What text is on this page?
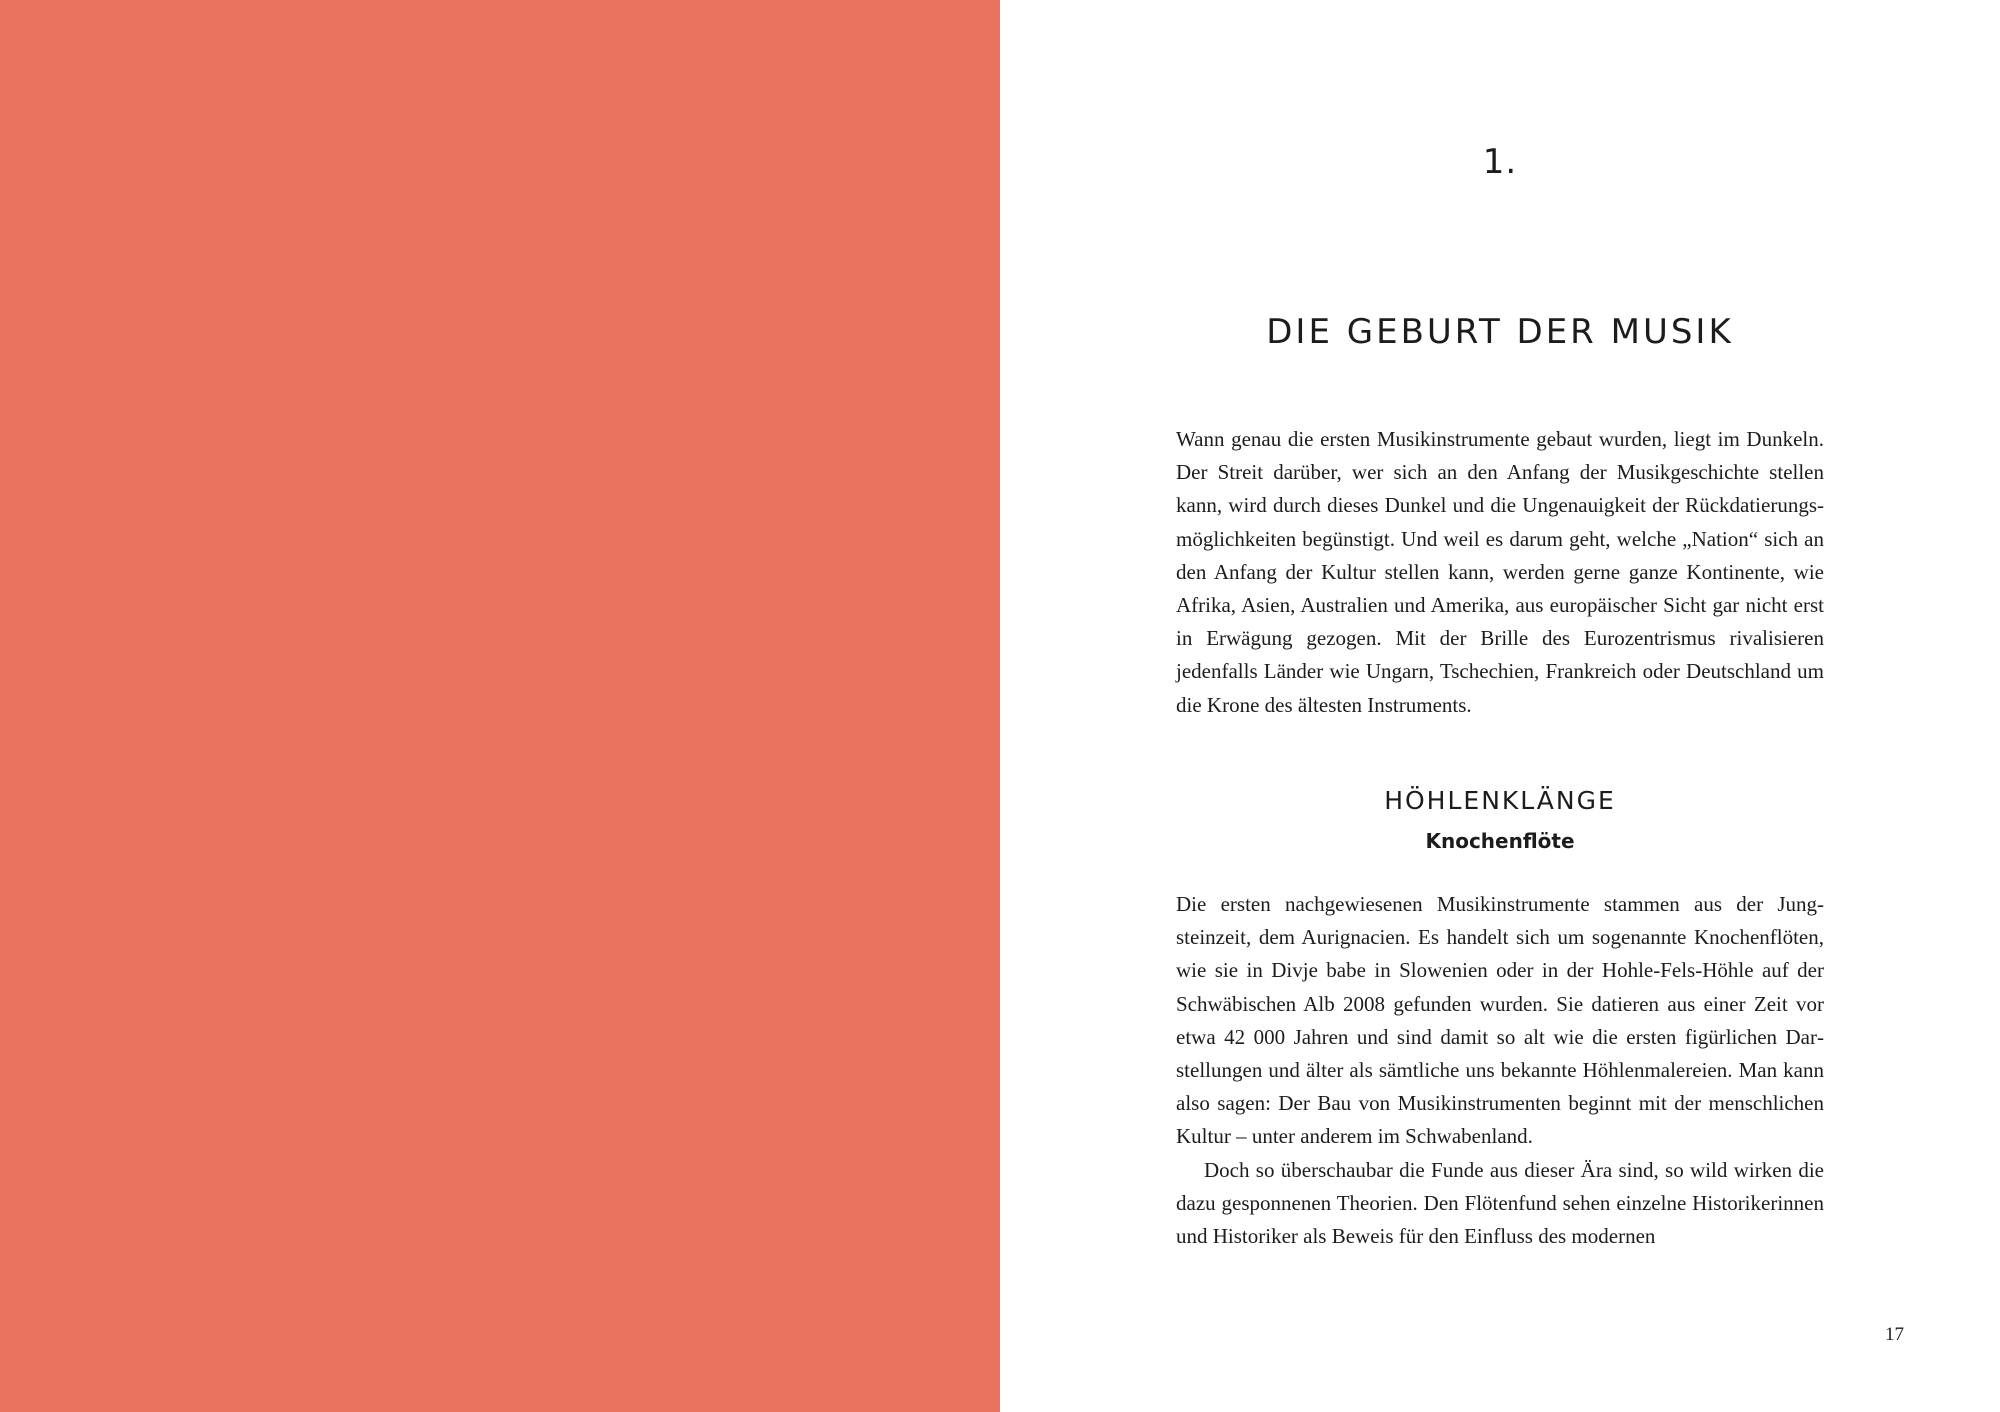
1.
DIE GEBURT DER MUSIK

Wann genau die ersten Musikinstrumente gebaut wurden, liegt im Dunkeln. Der Streit darüber, wer sich an den Anfang der Musikgeschichte stellen kann, wird durch dieses Dunkel und die Ungenauigkeit der Rückdatierungsmöglichkeiten begünstigt. Und weil es darum geht, welche „Nation“ sich an den Anfang der Kultur stellen kann, werden gerne ganze Kontinente, wie Afrika, Asien, Australien und Amerika, aus europäischer Sicht gar nicht erst in Erwägung gezogen. Mit der Brille des Eurozentrismus rivalisieren jedenfalls Länder wie Ungarn, Tschechien, Frankreich oder Deutschland um die Krone des ältesten Instruments.

HÖHLENKLÄNGE
Knochenflöte

Die ersten nachgewiesenen Musikinstrumente stammen aus der Jungsteinzeit, dem Aurignacien. Es handelt sich um sogenannte Knochenflöten, wie sie in Divje babe in Slowenien oder in der Hohle-Fels-Höhle auf der Schwäbischen Alb 2008 gefunden wurden. Sie datieren aus einer Zeit vor etwa 42 000 Jahren und sind damit so alt wie die ersten figürlichen Darstellungen und älter als sämtliche uns bekannte Höhlenmalereien. Man kann also sagen: Der Bau von Musikinstrumenten beginnt mit der menschlichen Kultur – unter anderem im Schwabenland.

Doch so überschaubar die Funde aus dieser Ära sind, so wild wirken die dazu gesponnenen Theorien. Den Flötenfund sehen einzelne Historikerinnen und Historiker als Beweis für den Einfluss des modernen

17
